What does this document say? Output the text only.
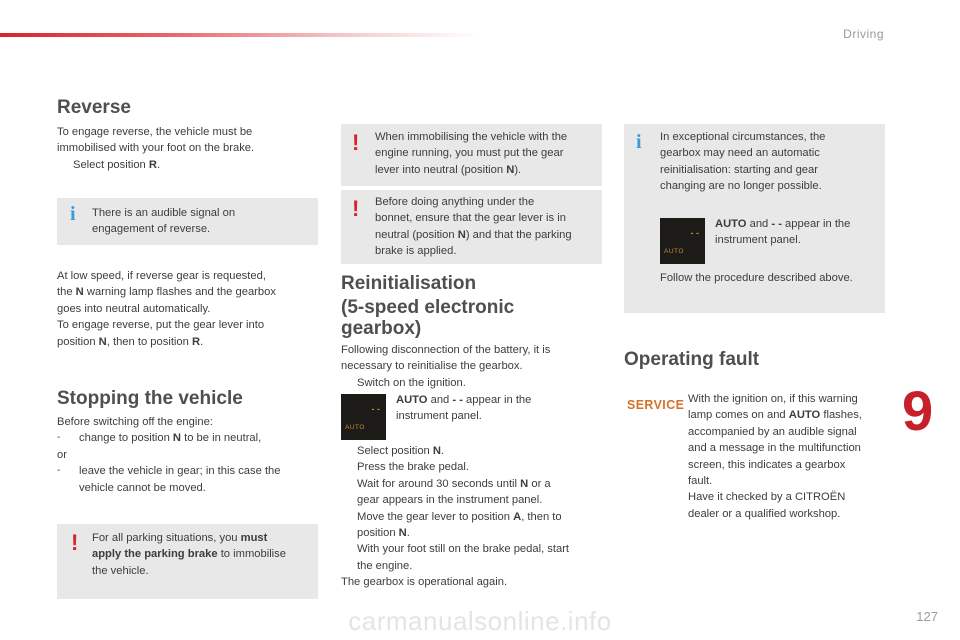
Driving
Reverse
To engage reverse, the vehicle must be
immobilised with your foot on the brake.
Select position R.
i There is an audible signal on
engagement of reverse.
At low speed, if reverse gear is requested,
the N warning lamp flashes and the gearbox
goes into neutral automatically.
To engage reverse, put the gear lever into
position N, then to position R.
Stopping the vehicle
Before switching off the engine:
-	change to position N to be in neutral,
or
-	leave the vehicle in gear; in this case the
vehicle cannot be moved.
! For all parking situations, you must
apply the parking brake to immobilise
the vehicle.
! When immobilising the vehicle with the
engine running, you must put the gear
lever into neutral (position N).
! Before doing anything under the
bonnet, ensure that the gear lever is in
neutral (position N) and that the parking
brake is applied.
Reinitialisation
(5-speed electronic
gearbox)
Following disconnection of the battery, it is
necessary to reinitialise the gearbox.
Switch on the ignition.
AUTO
- -
AUTO and - - appear in the
instrument panel.
Select position N.
Press the brake pedal.
Wait for around 30 seconds until N or a
gear appears in the instrument panel.
Move the gear lever to position A, then to
position N.
With your foot still on the brake pedal, start
the engine.
The gearbox is operational again.
i In exceptional circumstances, the
gearbox may need an automatic
reinitialisation: starting and gear
changing are no longer possible.
AUTO
- -
AUTO and - - appear in the
instrument panel.
Follow the procedure described above.
Operating fault
SERVICE With the ignition on, if this warning
lamp comes on and AUTO flashes,
accompanied by an audible signal
and a message in the multifunction
screen, this indicates a gearbox
fault.
Have it checked by a CITROËN
dealer or a qualified workshop.
9
carmanualsonline.info	127
